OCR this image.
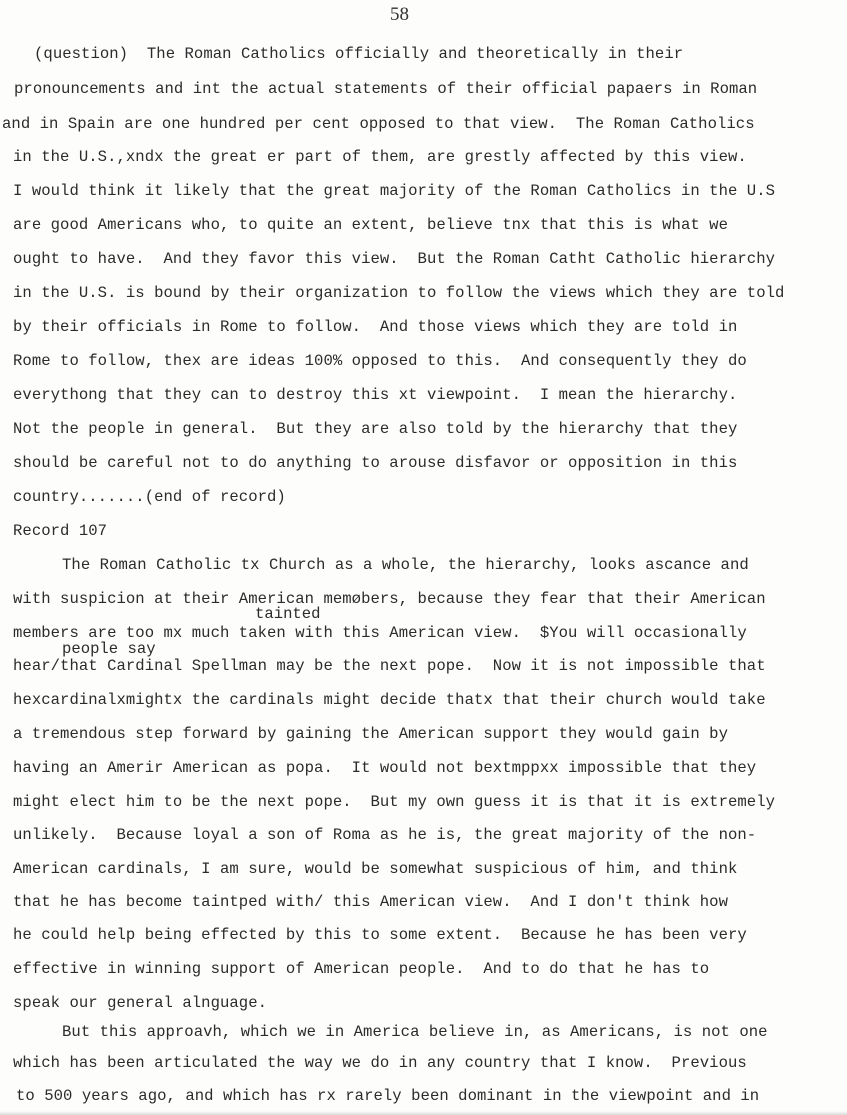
58
(question)  The Roman Catholics officially and theoretically in their
pronouncements and int the actual statements of their official papaers in Roman
and in Spain are one hundred per cent opposed to that view.  The Roman Catholics
in the U.S.,xndx the great er part of them, are grestly affected by this view.
I would think it likely that the great majority of the Roman Catholics in the U.S
are good Americans who, to quite an extent, believe tnx that this is what we
ought to have.  And they favor this view.  But the Roman Catht Catholic hierarchy
in the U.S. is bound by their organization to follow the views which they are told
by their officials in Rome to follow.  And those views which they are told in
Rome to follow, thex are ideas 100% opposed to this.  And consequently they do
everythong that they can to destroy this xt viewpoint.  I mean the hierarchy.
Not the people in general.  But they are also told by the hierarchy that they
should be careful not to do anything to arouse disfavor or opposition in this
country.......(end of record)
Record 107
The Roman Catholic tx Church as a whole, the hierarchy, looks ascance and
with suspicion at their American memøbers, because they fear that their American
tainted
members are too mx much taken with this American view.  $You will occasionally
people say
hear/that Cardinal Spellman may be the next pope.  Now it is not impossible that
hexcardinalxmightx the cardinals might decide thatx that their church would take
a tremendous step forward by gaining the American support they would gain by
having an Amerir American as popa.  It would not bextmppxx impossible that they
might elect him to be the next pope.  But my own guess it is that it is extremely
unlikely.  Because loyal a son of Roma as he is, the great majority of the non-
American cardinals, I am sure, would be somewhat suspicious of him, and think
that he has become taintped with/ this American view.  And I don't think how
he could help being effected by this to some extent.  Because he has been very
effective in winning support of American people.  And to do that he has to
speak our general alnguage.
But this approavh, which we in America believe in, as Americans, is not one
which has been articulated the way we do in any country that I know.  Previous
to 500 years ago, and which has rx rarely been dominant in the viewpoint and in
